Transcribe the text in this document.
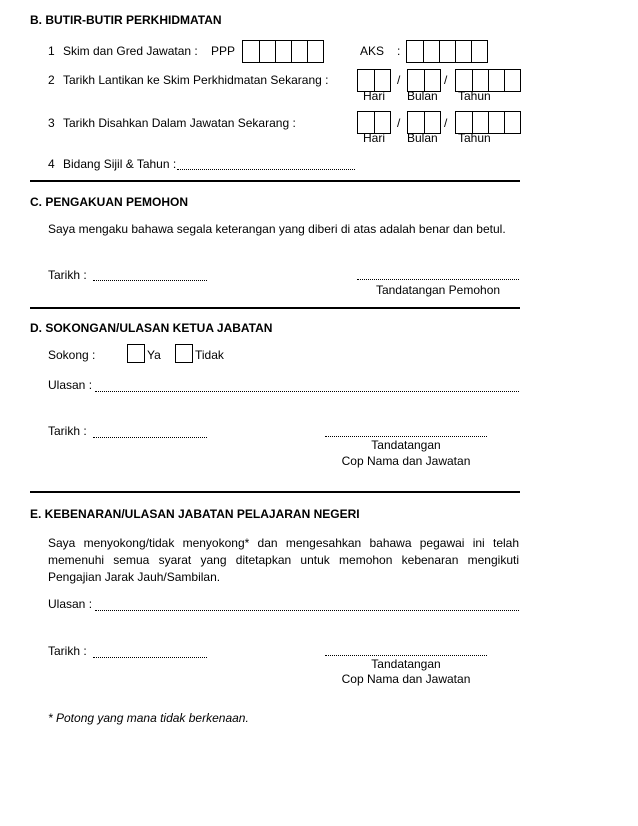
B. BUTIR-BUTIR PERKHIDMATAN
1 Skim dan Gred Jawatan : PPP	AKS :
2 Tarikh Lantikan ke Skim Perkhidmatan Sekarang :	/	/
Hari Bulan Tahun
3 Tarikh Disahkan Dalam Jawatan Sekarang :	/	/
Hari Bulan Tahun
4 Bidang Sijil & Tahun :
C. PENGAKUAN PEMOHON
Saya mengaku bahawa segala keterangan yang diberi di atas adalah benar dan betul.
Tarikh :
Tandatangan Pemohon
D. SOKONGAN/ULASAN KETUA JABATAN
Sokong :	Ya	Tidak
Ulasan :
Tarikh :
Tandatangan
Cop Nama dan Jawatan
E. KEBENARAN/ULASAN JABATAN PELAJARAN NEGERI
Saya menyokong/tidak menyokong* dan mengesahkan bahawa pegawai ini telah memenuhi semua syarat yang ditetapkan untuk memohon kebenaran mengikuti Pengajian Jarak Jauh/Sambilan.
Ulasan :
Tarikh :
Tandatangan
Cop Nama dan Jawatan
* Potong yang mana tidak berkenaan.
